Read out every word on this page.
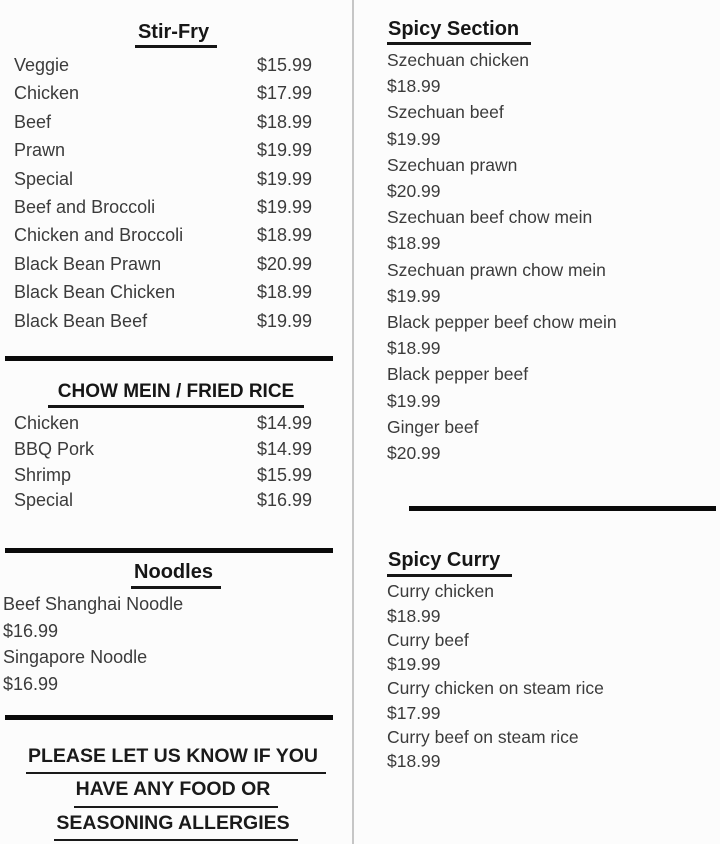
Stir-Fry
Veggie	$15.99
Chicken	$17.99
Beef	$18.99
Prawn	$19.99
Special	$19.99
Beef and Broccoli	$19.99
Chicken and Broccoli	$18.99
Black Bean Prawn	$20.99
Black Bean Chicken	$18.99
Black Bean Beef	$19.99
CHOW MEIN / FRIED RICE
Chicken	$14.99
BBQ Pork	$14.99
Shrimp	$15.99
Special	$16.99
Noodles
Beef Shanghai Noodle
$16.99
Singapore Noodle
$16.99
PLEASE LET US KNOW IF YOU
HAVE ANY FOOD OR
SEASONING ALLERGIES
Spicy Section
Szechuan chicken
$18.99
Szechuan beef
$19.99
Szechuan prawn
$20.99
Szechuan beef chow mein
$18.99
Szechuan prawn chow mein
$19.99
Black pepper beef chow mein
$18.99
Black pepper beef
$19.99
Ginger beef
$20.99
Spicy Curry
Curry chicken
$18.99
Curry beef
$19.99
Curry chicken on steam rice
$17.99
Curry beef on steam rice
$18.99
